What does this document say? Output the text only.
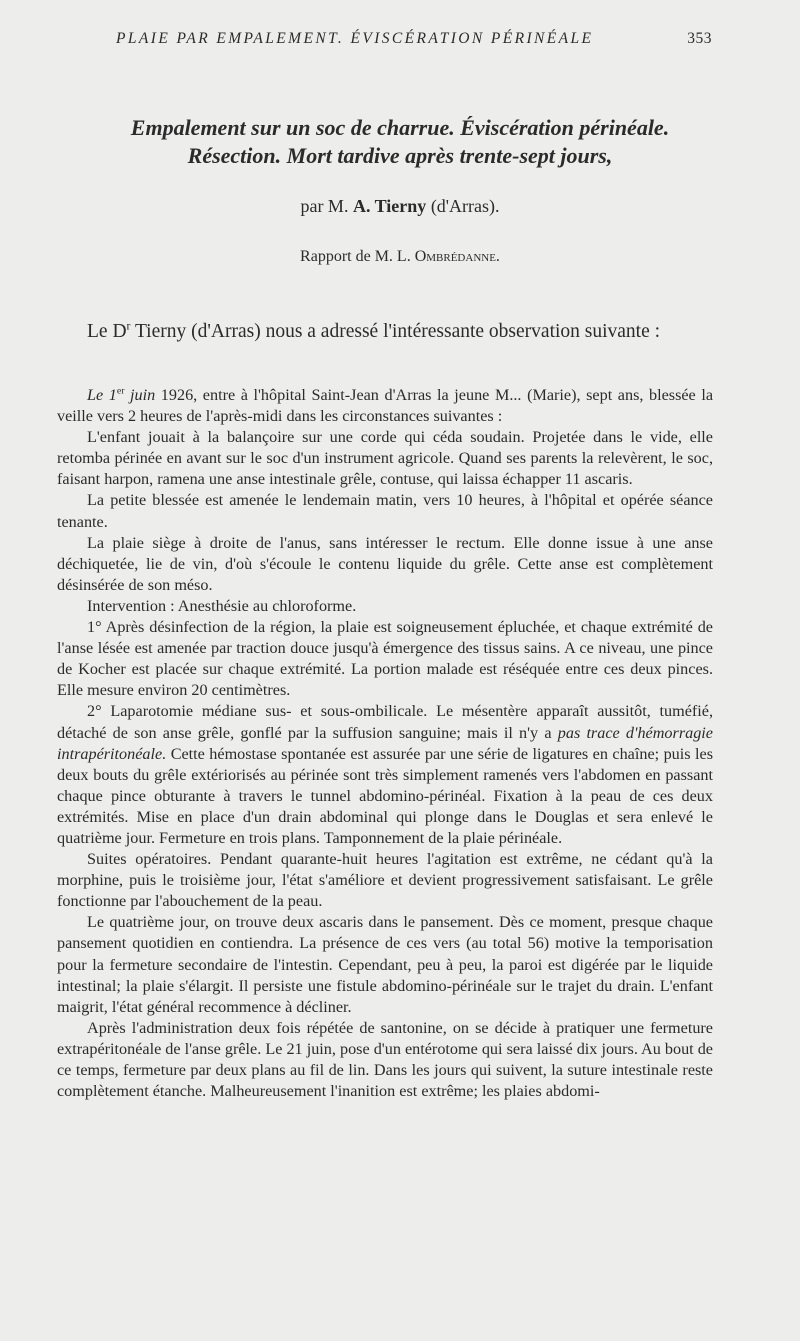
PLAIE PAR EMPALEMENT. ÉVISCÉRATION PÉRINÉALE	353

Empalement sur un soc de charrue. Éviscération périnéale.

Résection. Mort tardive après trente-sept jours,

par M. A. Tierny (d'Arras).
Rapport de M. L. Ombrédanne.

Le $D^r$ Tierny (d'Arras) nous a adressé l'intéressante observation suivante :

Le 1er juin 1926, entre à l'hôpital Saint-Jean d'Arras la jeune M... (Marie), sept ans, blessée la veille vers 2 heures de l'après-midi dans les circonstances suivantes :

L'enfant jouait à la balançoire sur une corde qui céda soudain. Projetée dans le vide, elle retomba périnée en avant sur le soc d'un instrument agricole. Quand ses parents la relevèrent, le soc, faisant harpon, ramena une anse intestinale grêle, contuse, qui laissa échapper 11 ascaris.

La petite blessée est amenée le lendemain matin, vers 10 heures, à l'hôpital et opérée séance tenante.

La plaie siège à droite de l'anus, sans intéresser le rectum. Elle donne issue à une anse déchiquetée, lie de vin, d'où s'écoule le contenu liquide du grêle. Cette anse est complètement désinsérée de son méso.

Intervention : Anesthésie au chloroforme.

1° Après désinfection de la région, la plaie est soigneusement épluchée, et chaque extrémité de l'anse lésée est amenée par traction douce jusqu'à émergence des tissus sains. A ce niveau, une pince de Kocher est placée sur chaque extrémité. La portion malade est réséquée entre ces deux pinces. Elle mesure environ 20 centimètres.

2° Laparotomie médiane sus- et sous-ombilicale. Le mésentère apparaît aussitôt, tuméfié, détaché de son anse grêle, gonflé par la suffusion sanguine; mais il n'y a pas trace d'hémorragie intrapéritonéale. Cette hémostase spontanée est assurée par une série de ligatures en chaîne; puis les deux bouts du grêle extériorisés au périnée sont très simplement ramenés vers l'abdomen en passant chaque pince obturante à travers le tunnel abdomino-périnéal. Fixation à la peau de ces deux extrémités. Mise en place d'un drain abdominal qui plonge dans le Douglas et sera enlevé le quatrième jour. Fermeture en trois plans. Tamponnement de la plaie périnéale.

Suites opératoires. Pendant quarante-huit heures l'agitation est extrême, ne cédant qu'à la morphine, puis le troisième jour, l'état s'améliore et devient progressivement satisfaisant. Le grêle fonctionne par l'abouchement de la peau.

Le quatrième jour, on trouve deux ascaris dans le pansement. Dès ce moment, presque chaque pansement quotidien en contiendra. La présence de ces vers (au total 56) motive la temporisation pour la fermeture secondaire de l'intestin. Cependant, peu à peu, la paroi est digérée par le liquide intestinal; la plaie s'élargit. Il persiste une fistule abdomino-périnéale sur le trajet du drain. L'enfant maigrit, l'état général recommence à décliner.

Après l'administration deux fois répétée de santonine, on se décide à pratiquer une fermeture extrapéritonéale de l'anse grêle. Le 21 juin, pose d'un entérotome qui sera laissé dix jours. Au bout de ce temps, fermeture par deux plans au fil de lin. Dans les jours qui suivent, la suture intestinale reste complètement étanche. Malheureusement l'inanition est extrême; les plaies abdomi-
